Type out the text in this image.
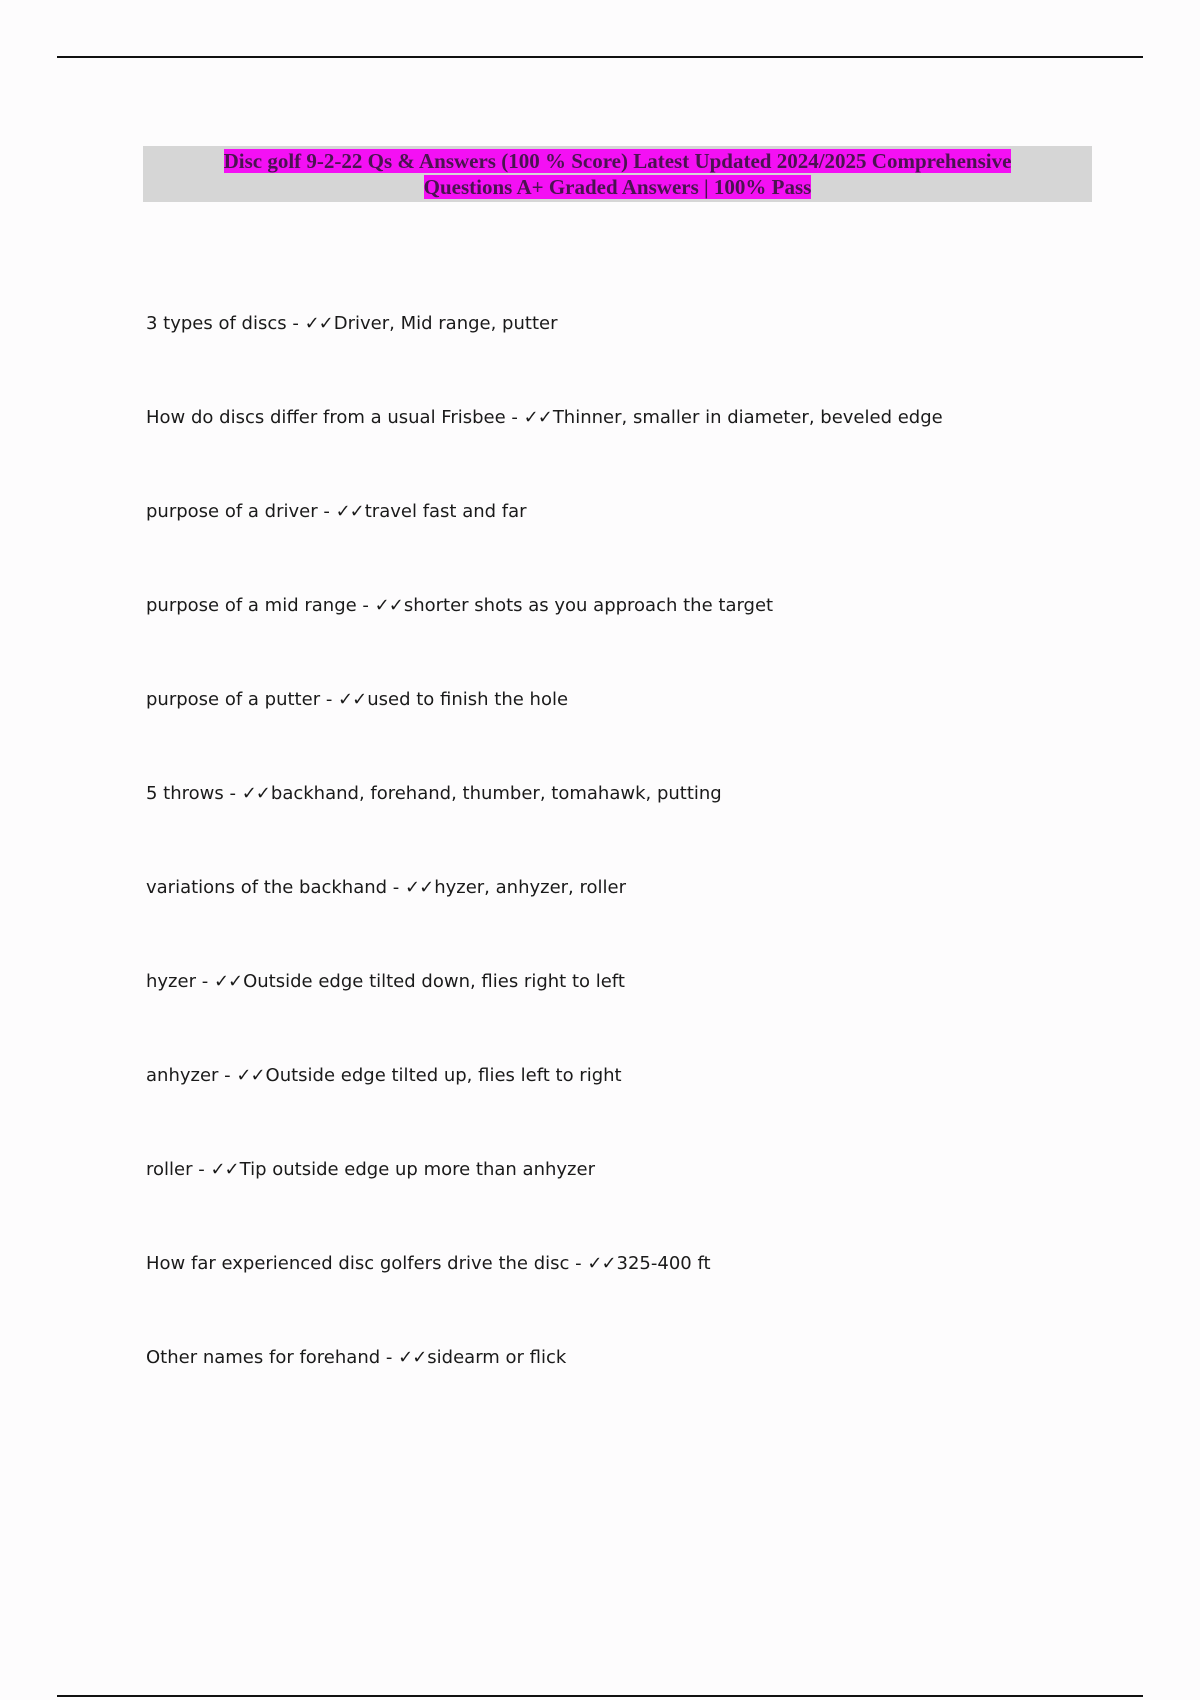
Disc golf 9-2-22 Qs & Answers (100 % Score) Latest Updated 2024/2025 Comprehensive
Questions A+ Graded Answers | 100% Pass

3 types of discs - ✓✓Driver, Mid range, putter
How do discs differ from a usual Frisbee - ✓✓Thinner, smaller in diameter, beveled edge
purpose of a driver - ✓✓travel fast and far
purpose of a mid range - ✓✓shorter shots as you approach the target
purpose of a putter - ✓✓used to finish the hole
5 throws - ✓✓backhand, forehand, thumber, tomahawk, putting
variations of the backhand - ✓✓hyzer, anhyzer, roller
hyzer - ✓✓Outside edge tilted down, flies right to left
anhyzer - ✓✓Outside edge tilted up, flies left to right
roller - ✓✓Tip outside edge up more than anhyzer
How far experienced disc golfers drive the disc - ✓✓325-400 ft
Other names for forehand - ✓✓sidearm or flick
